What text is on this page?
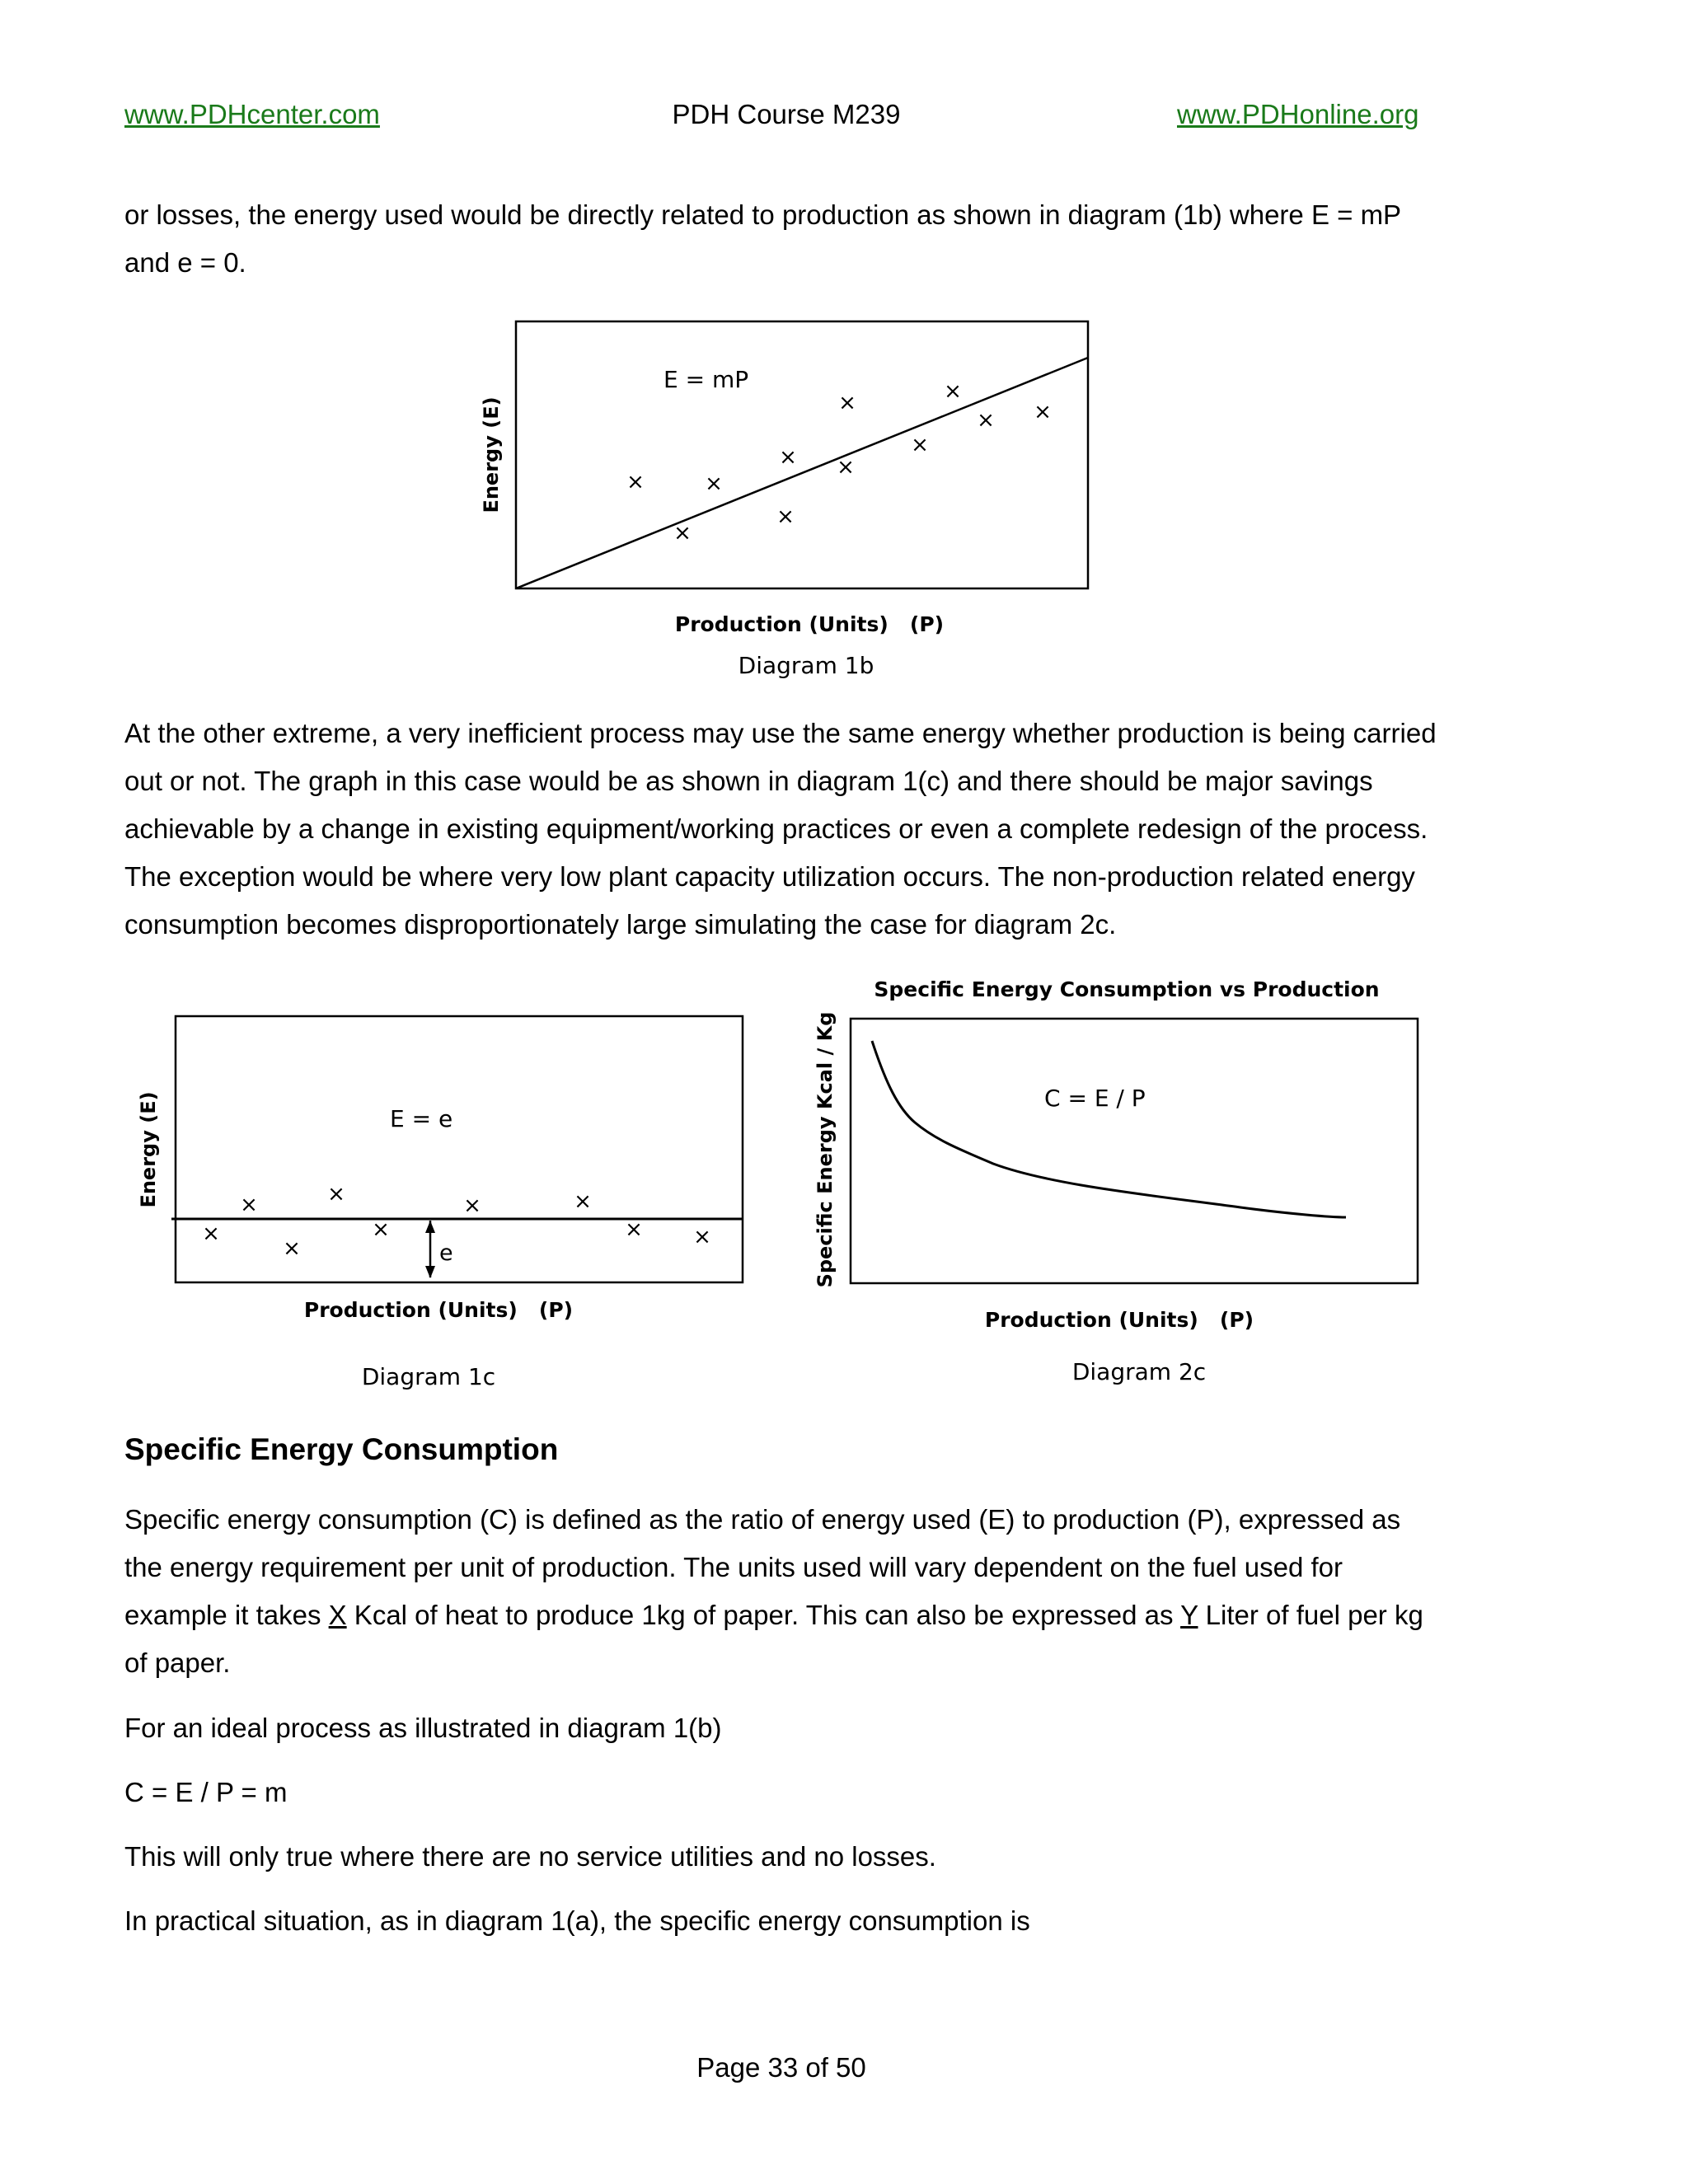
www.PDHcenter.com	PDH Course M239	www.PDHonline.org

or losses, the energy used would be directly related to production as shown in diagram (1b) where E = mP and e = 0.

E = mP
Energy (E)	×	×
×
×
×
×
×
×
×
× ×
Production (Units)   (P)
Diagram 1b

At the other extreme, a very inefficient process may use the same energy whether production is being carried out or not. The graph in this case would be as shown in diagram 1(c) and there should be major savings achievable by a change in existing equipment/working practices or even a complete redesign of the process. The exception would be where very low plant capacity utilization occurs. The non-production related energy consumption becomes disproportionately large simulating the case for diagram 2c.

e
E = e
Energy (E)	×	×	×	×
×
×
×	× ×
Production (Units)   (P)
Diagram 1c
Specific Energy Consumption vs Production
C = E / P
Specific Energy Kcal / Kg
Production (Units)   (P)
Diagram 2c
Specific Energy Consumption

Specific energy consumption (C) is defined as the ratio of energy used (E) to production (P), expressed as the energy requirement per unit of production. The units used will vary dependent on the fuel used for example it takes X Kcal of heat to produce 1kg of paper. This can also be expressed as Y Liter of fuel per kg of paper.

For an ideal process as illustrated in diagram 1(b)

C = E / P = m

This will only true where there are no service utilities and no losses.

In practical situation, as in diagram 1(a), the specific energy consumption is

Page 33 of 50
